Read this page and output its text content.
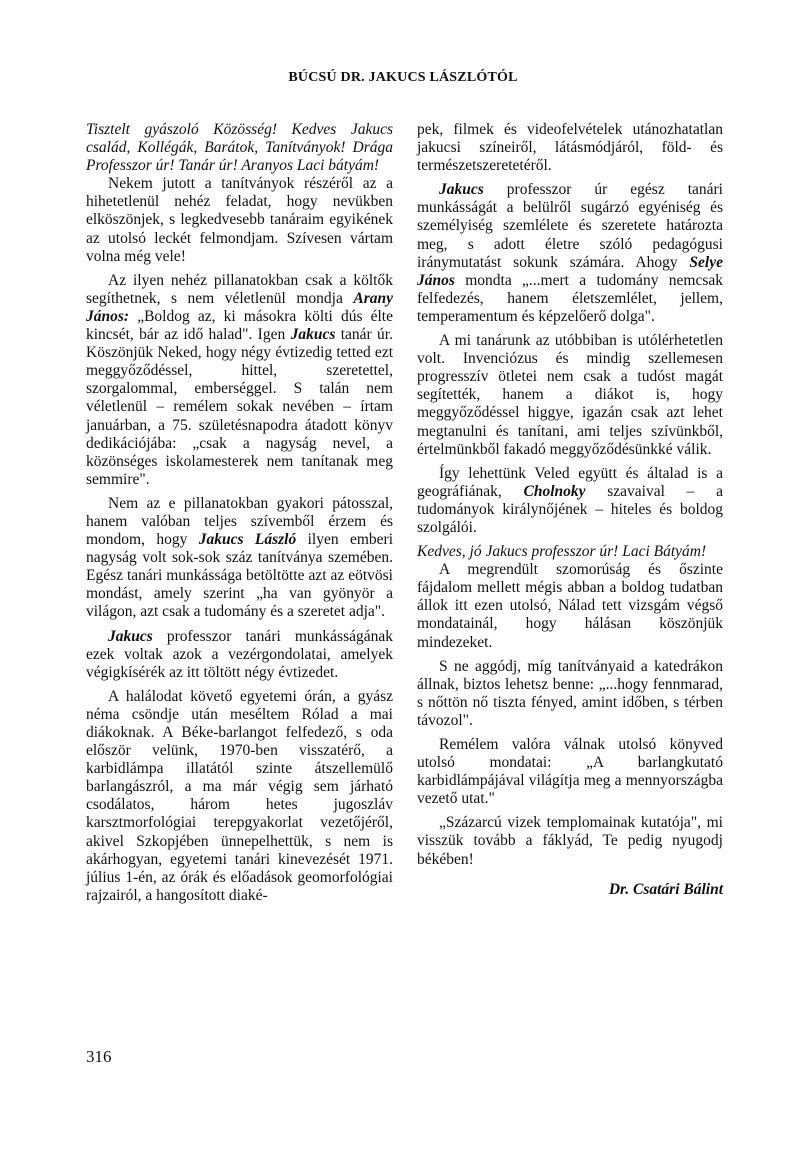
BÚCSÚ DR. JAKUCS LÁSZLÓTÓL

Tisztelt gyászoló Közösség! Kedves Jakucs család, Kollégák, Barátok, Tanítványok! Drága Professzor úr! Tanár úr! Aranyos Laci bátyám!

Nekem jutott a tanítványok részéről az a hihetetlenül nehéz feladat, hogy nevükben elköszönjek, s legkedvesebb tanáraim egyikének az utolsó leckét felmondjam. Szívesen vártam volna még vele!

Az ilyen nehéz pillanatokban csak a költők segíthetnek, s nem véletlenül mondja Arany János: „Boldog az, ki másokra költi dús élte kincsét, bár az idő halad". Igen Jakucs tanár úr. Köszönjük Neked, hogy négy évtizedig tetted ezt meggyőződéssel, hittel, szeretettel, szorgalommal, emberséggel. S talán nem véletlenül – remélem sokak nevében – írtam januárban, a 75. születésnapodra átadott könyv dedikációjába: „csak a nagyság nevel, a közönséges iskolamesterek nem tanítanak meg semmire".

Nem az e pillanatokban gyakori pátosszal, hanem valóban teljes szívemből érzem és mondom, hogy Jakucs László ilyen emberi nagyság volt sok-sok száz tanítványa szemében. Egész tanári munkássága betöltötte azt az eötvösi mondást, amely szerint „ha van gyönyör a világon, azt csak a tudomány és a szeretet adja".

Jakucs professzor tanári munkásságának ezek voltak azok a vezérgondolatai, amelyek végigkísérék az itt töltött négy évtizedet.

A halálodat követő egyetemi órán, a gyász néma csöndje után meséltem Rólad a mai diákoknak. A Béke-barlangot felfedező, s oda először velünk, 1970-ben visszatérő, a karbidlámpa illatától szinte átszellemülő barlangászról, a ma már végig sem járható csodálatos, három hetes jugoszláv karsztmorfológiai terepgyakorlat vezetőjéről, akivel Szkopjében ünnepelhettük, s nem is akárhogyan, egyetemi tanári kinevezését 1971. július 1-én, az órák és előadások geomorfológiai rajzairól, a hangosított diaké-

pek, filmek és videofelvételek utánozhatatlan jakucsi színeiről, látásmódjáról, föld- és természetszeretetéről.

Jakucs professzor úr egész tanári munkásságát a belülről sugárzó egyéniség és személyiség szemlélete és szeretete határozta meg, s adott életre szóló pedagógusi iránymutatást sokunk számára. Ahogy Selye János mondta „...mert a tudomány nemcsak felfedezés, hanem életszemlélet, jellem, temperamentum és képzelőerő dolga".

A mi tanárunk az utóbbiban is utólérhetetlen volt. Invenciózus és mindig szellemesen progresszív ötletei nem csak a tudóst magát segítették, hanem a diákot is, hogy meggyőződéssel higgye, igazán csak azt lehet megtanulni és tanítani, ami teljes szívünkből, értelmünkből fakadó meggyőződésünkké válik.

Így lehettünk Veled együtt és általad is a geográfiának, Cholnoky szavaival – a tudományok királynőjének – hiteles és boldog szolgálói.

Kedves, jó Jakucs professzor úr! Laci Bátyám!

A megrendült szomorúság és őszinte fájdalom mellett mégis abban a boldog tudatban állok itt ezen utolsó, Nálad tett vizsgám végső mondatainál, hogy hálásan köszönjük mindezeket.

S ne aggódj, míg tanítványaid a katedrákon állnak, biztos lehetsz benne: „...hogy fennmarad, s nőttön nő tiszta fényed, amint időben, s térben távozol".

Remélem valóra válnak utolsó könyved utolsó mondatai: „A barlangkutató karbidlámpájával világítja meg a mennyországba vezető utat."

„Százarcú vizek templomainak kutatója", mi visszük tovább a fáklyád, Te pedig nyugodj békében!

Dr. Csatári Bálint

316
